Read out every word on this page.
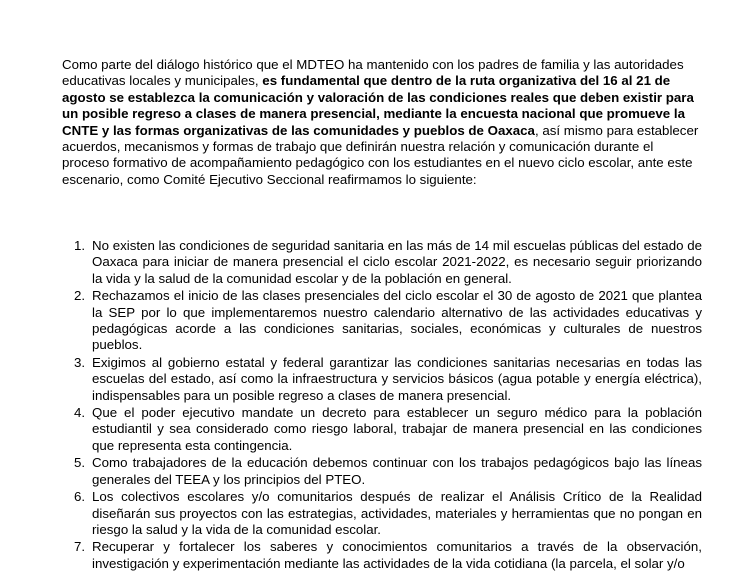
Como parte del diálogo histórico que el MDTEO ha mantenido con los padres de familia y las autoridades educativas locales y municipales, es fundamental que dentro de la ruta organizativa del 16 al 21 de agosto se establezca la comunicación y valoración de las condiciones reales que deben existir para un posible regreso a clases de manera presencial, mediante la encuesta nacional que promueve la CNTE y las formas organizativas de las comunidades y pueblos de Oaxaca, así mismo para establecer acuerdos, mecanismos y formas de trabajo que definirán nuestra relación y comunicación durante el proceso formativo de acompañamiento pedagógico con los estudiantes en el nuevo ciclo escolar, ante este escenario, como Comité Ejecutivo Seccional reafirmamos lo siguiente:

1. No existen las condiciones de seguridad sanitaria en las más de 14 mil escuelas públicas del estado de Oaxaca para iniciar de manera presencial el ciclo escolar 2021-2022, es necesario seguir priorizando la vida y la salud de la comunidad escolar y de la población en general.
2. Rechazamos el inicio de las clases presenciales del ciclo escolar el 30 de agosto de 2021 que plantea la SEP por lo que implementaremos nuestro calendario alternativo de las actividades educativas y pedagógicas acorde a las condiciones sanitarias, sociales, económicas y culturales de nuestros pueblos.
3. Exigimos al gobierno estatal y federal garantizar las condiciones sanitarias necesarias en todas las escuelas del estado, así como la infraestructura y servicios básicos (agua potable y energía eléctrica), indispensables para un posible regreso a clases de manera presencial.
4. Que el poder ejecutivo mandate un decreto para establecer un seguro médico para la población estudiantil y sea considerado como riesgo laboral, trabajar de manera presencial en las condiciones que representa esta contingencia.
5. Como trabajadores de la educación debemos continuar con los trabajos pedagógicos bajo las líneas generales del TEEA y los principios del PTEO.
6. Los colectivos escolares y/o comunitarios después de realizar el Análisis Crítico de la Realidad diseñarán sus proyectos con las estrategias, actividades, materiales y herramientas que no pongan en riesgo la salud y la vida de la comunidad escolar.
7. Recuperar y fortalecer los saberes y conocimientos comunitarios a través de la observación, investigación y experimentación mediante las actividades de la vida cotidiana (la parcela, el solar y/o
